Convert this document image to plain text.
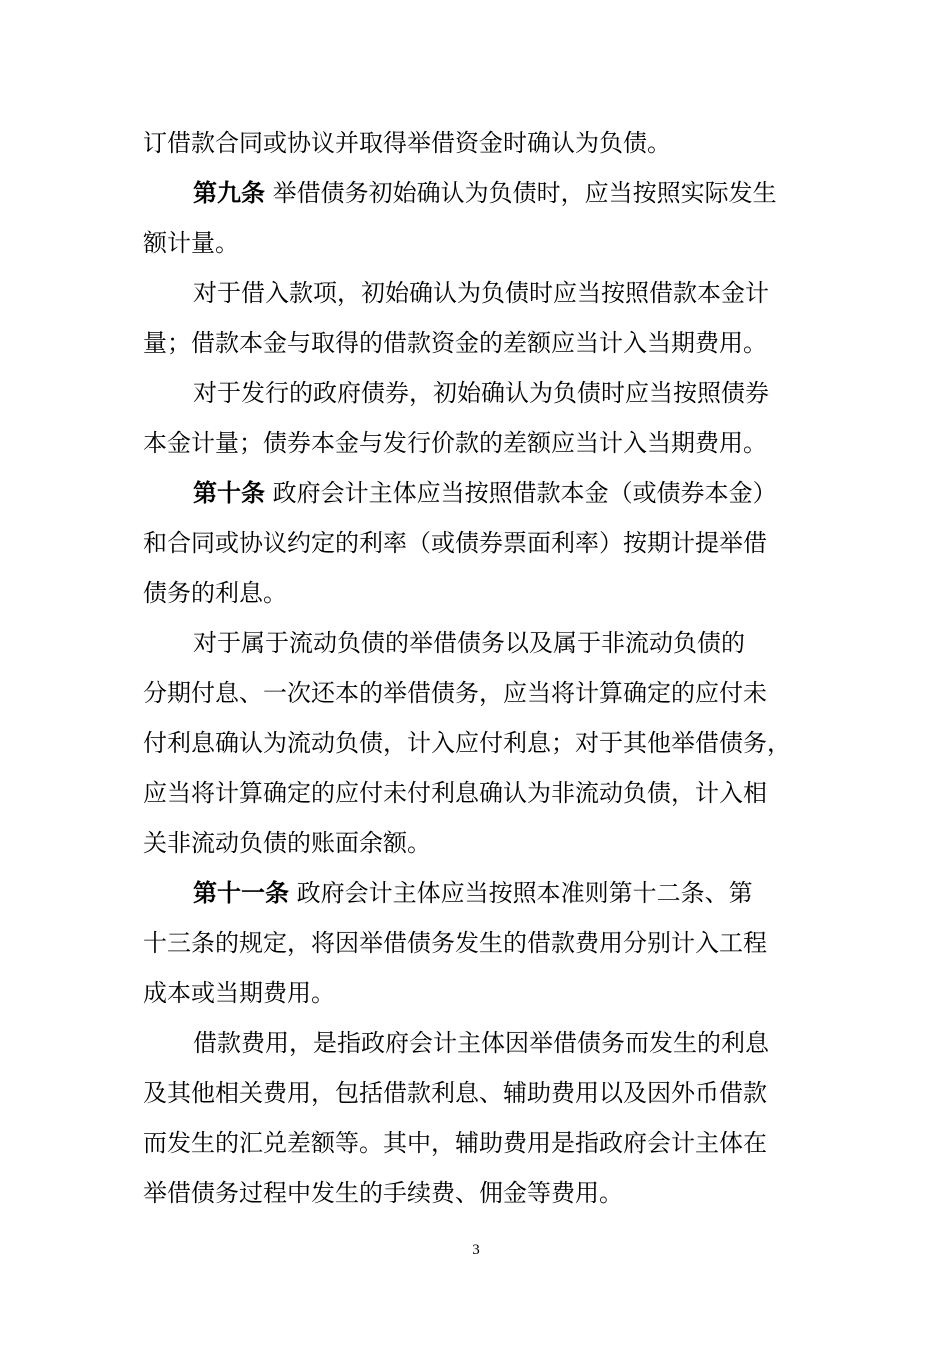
订借款合同或协议并取得举借资金时确认为负债。
第九条 举借债务初始确认为负债时，应当按照实际发生
额计量。
对于借入款项，初始确认为负债时应当按照借款本金计
量；借款本金与取得的借款资金的差额应当计入当期费用。
对于发行的政府债券，初始确认为负债时应当按照债券
本金计量；债券本金与发行价款的差额应当计入当期费用。
第十条 政府会计主体应当按照借款本金（或债券本金）
和合同或协议约定的利率（或债券票面利率）按期计提举借
债务的利息。
对于属于流动负债的举借债务以及属于非流动负债的
分期付息、一次还本的举借债务，应当将计算确定的应付未
付利息确认为流动负债，计入应付利息；对于其他举借债务，
应当将计算确定的应付未付利息确认为非流动负债，计入相
关非流动负债的账面余额。
第十一条 政府会计主体应当按照本准则第十二条、第
十三条的规定，将因举借债务发生的借款费用分别计入工程
成本或当期费用。
借款费用，是指政府会计主体因举借债务而发生的利息
及其他相关费用，包括借款利息、辅助费用以及因外币借款
而发生的汇兑差额等。其中，辅助费用是指政府会计主体在
举借债务过程中发生的手续费、佣金等费用。
3
